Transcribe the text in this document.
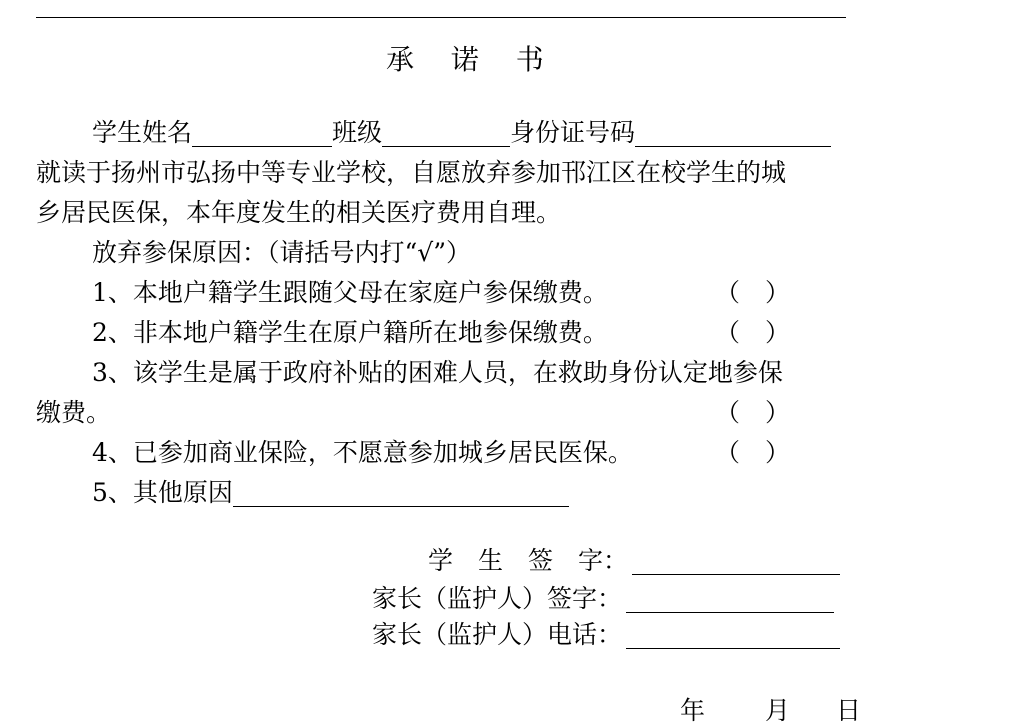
承 诺 书
学生姓名	班级	身份证号码
就读于扬州市弘扬中等专业学校，自愿放弃参加邗江区在校学生的城
乡居民医保，本年度发生的相关医疗费用自理。
放弃参保原因：（请括号内打“√”）
1、本地户籍学生跟随父母在家庭户参保缴费。	（　）
2、非本地户籍学生在原户籍所在地参保缴费。	（　）
3、该学生是属于政府补贴的困难人员，在救助身份认定地参保
缴费。	（　）
4、已参加商业保险，不愿意参加城乡居民医保。	（　）
5、其他原因
学　生　签　字：
家长（监护人）签字：
家长（监护人）电话：
年 月 日
